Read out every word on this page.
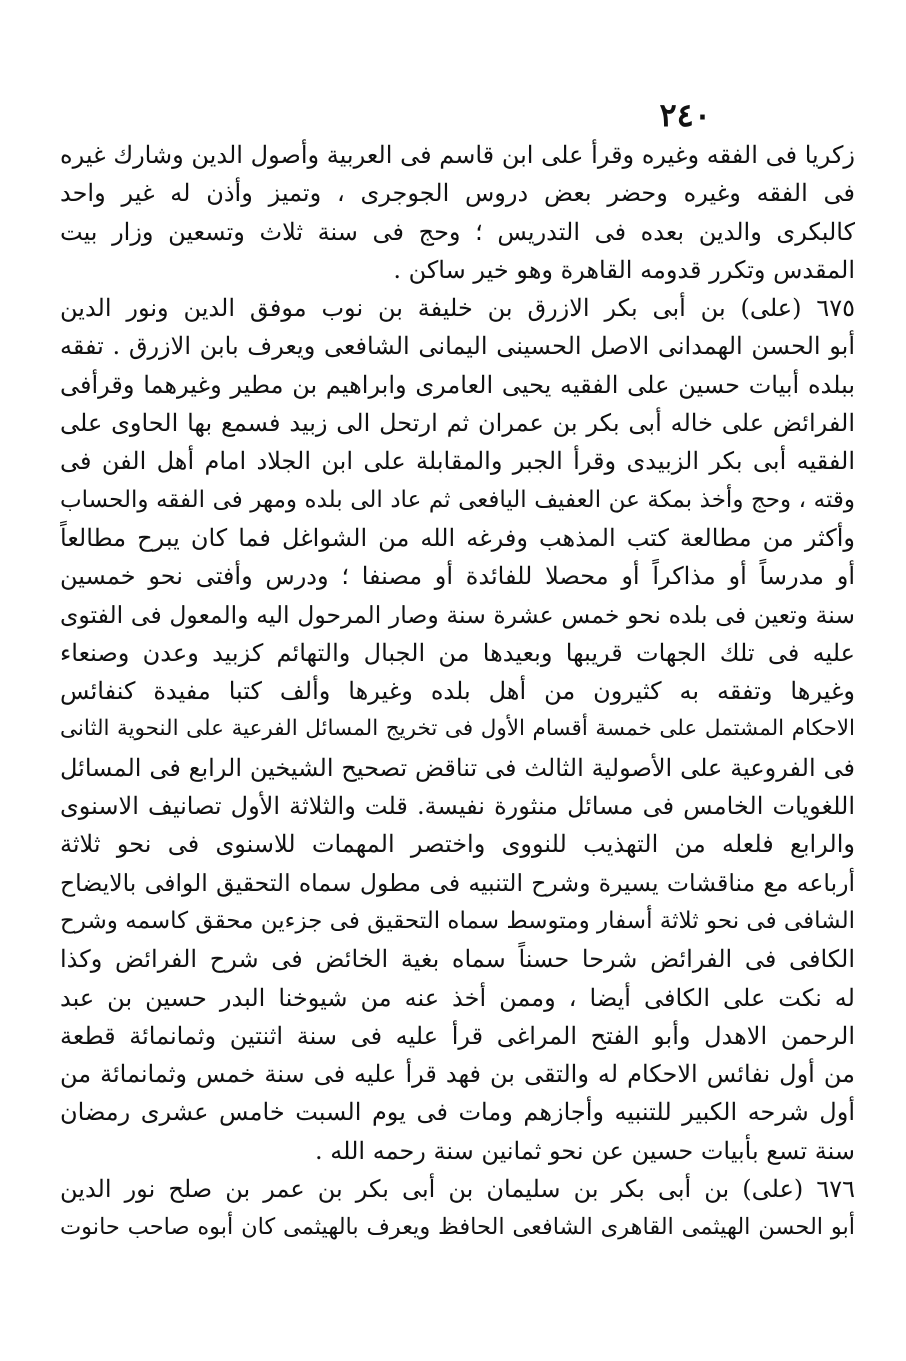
٢٤٠
زكريا فى الفقه وغيره وقرأ على ابن قاسم فى العربية وأصول الدين وشارك غيره
فى الفقه وغيره وحضر بعض دروس الجوجرى ، وتميز وأذن له غير واحد
كالبكرى والدين بعده فى التدريس ؛ وحج فى سنة ثلاث وتسعين وزار بيت
المقدس وتكرر قدومه القاهرة وهو خير ساكن .
٦٧٥ (على) بن أبى بكر الازرق بن خليفة بن نوب موفق الدين ونور الدين
أبو الحسن الهمدانى الاصل الحسينى اليمانى الشافعى ويعرف بابن الازرق . تفقه
ببلده أبيات حسين على الفقيه يحيى العامرى وابراهيم بن مطير وغيرهما وقرأفى
الفرائض على خاله أبى بكر بن عمران ثم ارتحل الى زبيد فسمع بها الحاوى على
الفقيه أبى بكر الزبيدى وقرأ الجبر والمقابلة على ابن الجلاد امام أهل الفن فى
وقته ، وحج وأخذ بمكة عن العفيف اليافعى ثم عاد الى بلده ومهر فى الفقه والحساب
وأكثر من مطالعة كتب المذهب وفرغه الله من الشواغل فما كان يبرح مطالعاً
أو مدرساً أو مذاكراً أو محصلا للفائدة أو مصنفا ؛ ودرس وأفتى نحو خمسين
سنة وتعين فى بلده نحو خمس عشرة سنة وصار المرحول اليه والمعول فى الفتوى
عليه فى تلك الجهات قريبها وبعيدها من الجبال والتهائم كزبيد وعدن وصنعاء
وغيرها وتفقه به كثيرون من أهل بلده وغيرها وألف كتبا مفيدة كنفائس
الاحكام المشتمل على خمسة أقسام الأول فى تخريج المسائل الفرعية على النحوية الثانى
فى الفروعية على الأصولية الثالث فى تناقض تصحيح الشيخين الرابع فى المسائل
اللغويات الخامس فى مسائل منثورة نفيسة. قلت والثلاثة الأول تصانيف الاسنوى
والرابع فلعله من التهذيب للنووى واختصر المهمات للاسنوى فى نحو ثلاثة
أرباعه مع مناقشات يسيرة وشرح التنبيه فى مطول سماه التحقيق الوافى بالايضاح
الشافى فى نحو ثلاثة أسفار ومتوسط سماه التحقيق فى جزءين محقق كاسمه وشرح
الكافى فى الفرائض شرحا حسناً سماه بغية الخائض فى شرح الفرائض وكذا
له نكت على الكافى أيضا ، وممن أخذ عنه من شيوخنا البدر حسين بن عبد
الرحمن الاهدل وأبو الفتح المراغى قرأ عليه فى سنة اثنتين وثمانمائة قطعة
من أول نفائس الاحكام له والتقى بن فهد قرأ عليه فى سنة خمس وثمانمائة من
أول شرحه الكبير للتنبيه وأجازهم ومات فى يوم السبت خامس عشرى رمضان
سنة تسع بأبيات حسين عن نحو ثمانين سنة رحمه الله .
٦٧٦ (على) بن أبى بكر بن سليمان بن أبى بكر بن عمر بن صلح نور الدين
أبو الحسن الهيثمى القاهرى الشافعى الحافظ ويعرف بالهيثمى كان أبوه صاحب حانوت
